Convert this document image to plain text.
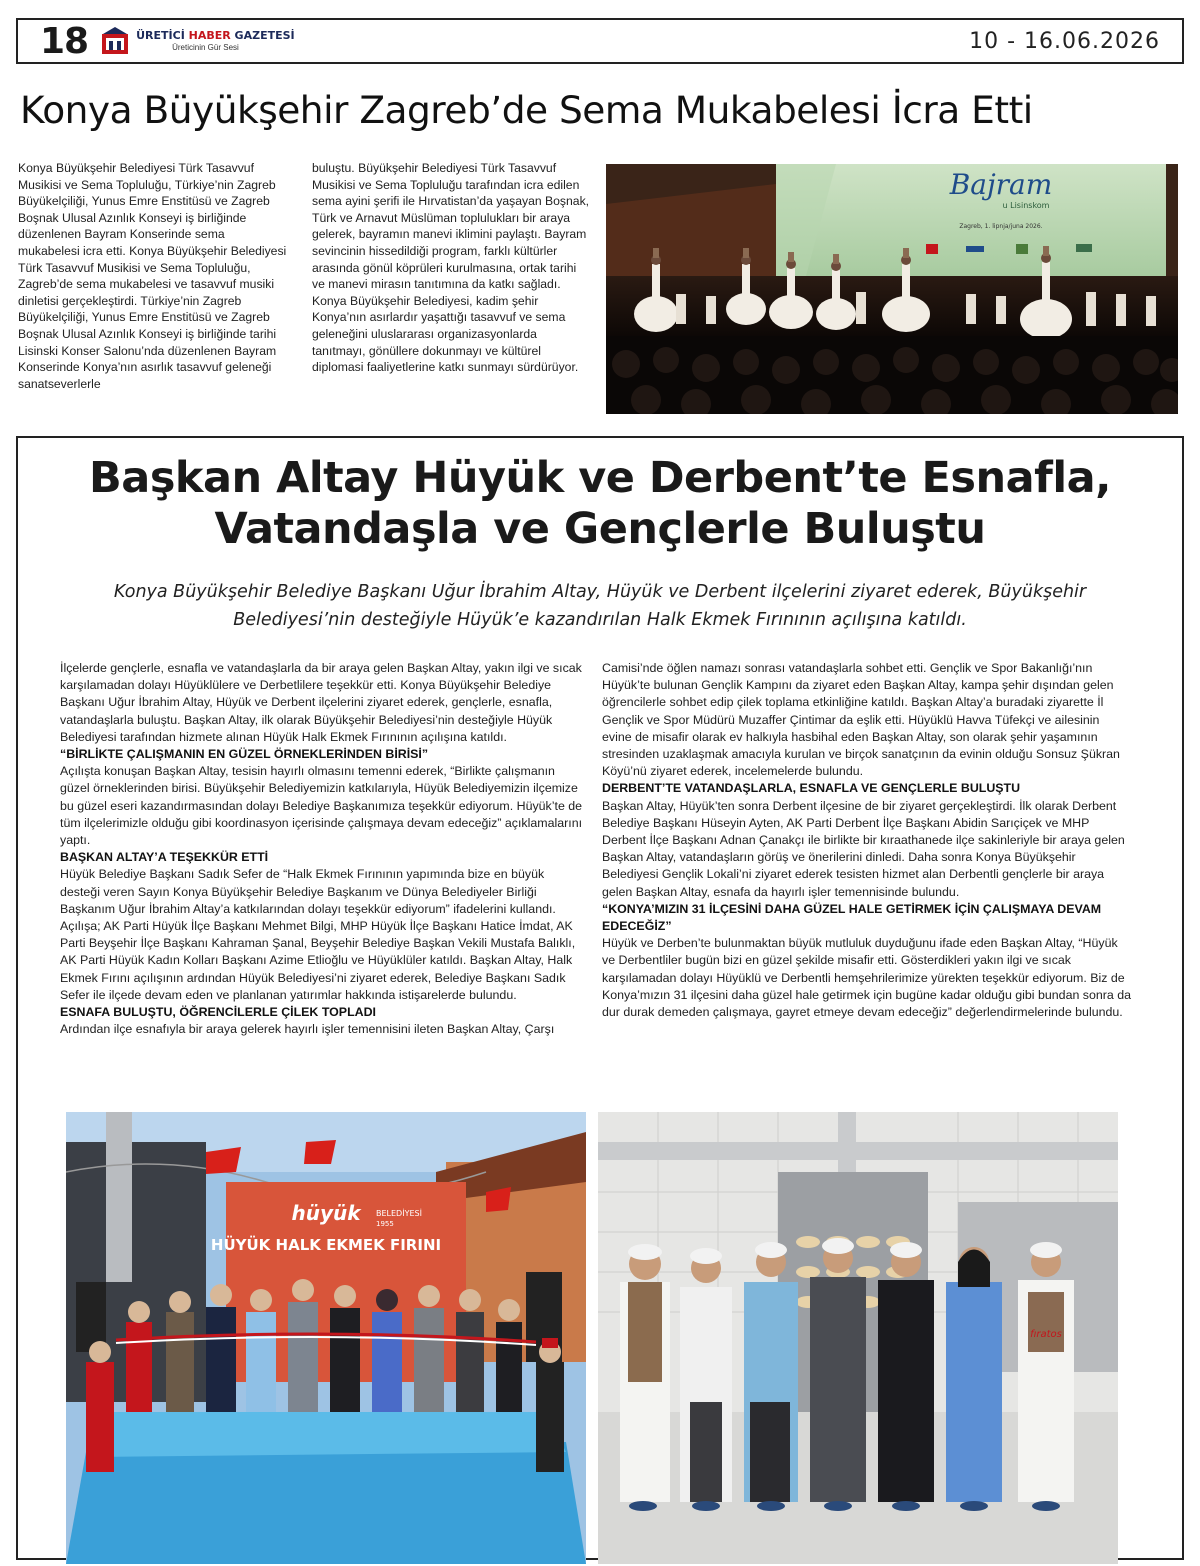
18	ÜRETİCİ HABER GAZETESİ
Üreticinin Gür Sesi	10 - 16.06.2026
Konya Büyükşehir Zagreb’de Sema Mukabelesi İcra Etti

Konya Büyükşehir Belediyesi Türk Tasavvuf Musikisi ve Sema Topluluğu, Türkiye’nin Zagreb Büyükelçiliği, Yunus Emre Enstitüsü ve Zagreb Boşnak Ulusal Azınlık Konseyi iş birliğinde düzenlenen Bayram Konserinde sema mukabelesi icra etti. Konya Büyükşehir Belediyesi Türk Tasavvuf Musikisi ve Sema Topluluğu, Zagreb’de sema mukabelesi ve tasavvuf musiki dinletisi gerçekleştirdi. Türkiye’nin Zagreb Büyükelçiliği, Yunus Emre Enstitüsü ve Zagreb Boşnak Ulusal Azınlık Konseyi iş birliğinde tarihi Lisinski Konser Salonu’nda düzenlenen Bayram Konserinde Konya’nın asırlık tasavvuf geleneği sanatseverlerle

buluştu. Büyükşehir Belediyesi Türk Tasavvuf Musikisi ve Sema Topluluğu tarafından icra edilen sema ayini şerifi ile Hırvatistan’da yaşayan Boşnak, Türk ve Arnavut Müslüman toplulukları bir araya gelerek, bayramın manevi iklimini paylaştı. Bayram sevincinin hissedildiği program, farklı kültürler arasında gönül köprüleri kurulmasına, ortak tarihi ve manevi mirasın tanıtımına da katkı sağladı. Konya Büyükşehir Belediyesi, kadim şehir Konya’nın asırlardır yaşattığı tasavvuf ve sema geleneğini uluslararası organizasyonlarda tanıtmayı, gönüllere dokunmayı ve kültürel diplomasi faaliyetlerine katkı sunmayı sürdürüyor.

Bajram
u Lisinskom
Zagreb, 1. lipnja/juna 2026.
Başkan Altay Hüyük ve Derbent’te Esnafla,
Vatandaşla ve Gençlerle Buluştu

Konya Büyükşehir Belediye Başkanı Uğur İbrahim Altay, Hüyük ve Derbent ilçelerini ziyaret ederek, Büyükşehir Belediyesi’nin desteğiyle Hüyük’e kazandırılan Halk Ekmek Fırınının açılışına katıldı.

İlçelerde gençlerle, esnafla ve vatandaşlarla da bir araya gelen Başkan Altay, yakın ilgi ve sıcak karşılamadan dolayı Hüyüklülere ve Derbetlilere teşekkür etti. Konya Büyükşehir Belediye Başkanı Uğur İbrahim Altay, Hüyük ve Derbent ilçelerini ziyaret ederek, gençlerle, esnafla, vatandaşlarla buluştu. Başkan Altay, ilk olarak Büyükşehir Belediyesi’nin desteğiyle Hüyük Belediyesi tarafından hizmete alınan Hüyük Halk Ekmek Fırınının açılışına katıldı.

“BİRLİKTE ÇALIŞMANIN EN GÜZEL ÖRNEKLERİNDEN BİRİSİ”

Açılışta konuşan Başkan Altay, tesisin hayırlı olmasını temenni ederek, “Birlikte çalışmanın güzel örneklerinden birisi. Büyükşehir Belediyemizin katkılarıyla, Hüyük Belediyemizin ilçemize bu güzel eseri kazandırmasından dolayı Belediye Başkanımıza teşekkür ediyorum. Hüyük’te de tüm ilçelerimizle olduğu gibi koordinasyon içerisinde çalışmaya devam edeceğiz” açıklamalarını yaptı.

BAŞKAN ALTAY’A TEŞEKKÜR ETTİ

Hüyük Belediye Başkanı Sadık Sefer de “Halk Ekmek Fırınının yapımında bize en büyük desteği veren Sayın Konya Büyükşehir Belediye Başkanım ve Dünya Belediyeler Birliği Başkanım Uğur İbrahim Altay’a katkılarından dolayı teşekkür ediyorum” ifadelerini kullandı. Açılışa; AK Parti Hüyük İlçe Başkanı Mehmet Bilgi, MHP Hüyük İlçe Başkanı Hatice İmdat, AK Parti Beyşehir İlçe Başkanı Kahraman Şanal, Beyşehir Belediye Başkan Vekili Mustafa Balıklı, AK Parti Hüyük Kadın Kolları Başkanı Azime Etlioğlu ve Hüyüklüler katıldı. Başkan Altay, Halk Ekmek Fırını açılışının ardından Hüyük Belediyesi’ni ziyaret ederek, Belediye Başkanı Sadık Sefer ile ilçede devam eden ve planlanan yatırımlar hakkında istişarelerde bulundu.

ESNAFA BULUŞTU, ÖĞRENCİLERLE ÇİLEK TOPLADI

Ardından ilçe esnafıyla bir araya gelerek hayırlı işler temennisini ileten Başkan Altay, Çarşı

Camisi’nde öğlen namazı sonrası vatandaşlarla sohbet etti. Gençlik ve Spor Bakanlığı’nın Hüyük’te bulunan Gençlik Kampını da ziyaret eden Başkan Altay, kampa şehir dışından gelen öğrencilerle sohbet edip çilek toplama etkinliğine katıldı. Başkan Altay’a buradaki ziyarette İl Gençlik ve Spor Müdürü Muzaffer Çintimar da eşlik etti. Hüyüklü Havva Tüfekçi ve ailesinin evine de misafir olarak ev halkıyla hasbihal eden Başkan Altay, son olarak şehir yaşamının stresinden uzaklaşmak amacıyla kurulan ve birçok sanatçının da evinin olduğu Sonsuz Şükran Köyü’nü ziyaret ederek, incelemelerde bulundu.

DERBENT’TE VATANDAŞLARLA, ESNAFLA VE GENÇLERLE BULUŞTU

Başkan Altay, Hüyük’ten sonra Derbent ilçesine de bir ziyaret gerçekleştirdi. İlk olarak Derbent Belediye Başkanı Hüseyin Ayten, AK Parti Derbent İlçe Başkanı Abidin Sarıçiçek ve MHP Derbent İlçe Başkanı Adnan Çanakçı ile birlikte bir kıraathanede ilçe sakinleriyle bir araya gelen Başkan Altay, vatandaşların görüş ve önerilerini dinledi. Daha sonra Konya Büyükşehir Belediyesi Gençlik Lokali’ni ziyaret ederek tesisten hizmet alan Derbentli gençlerle bir araya gelen Başkan Altay, esnafa da hayırlı işler temennisinde bulundu.

“KONYA’MIZIN 31 İLÇESİNİ DAHA GÜZEL HALE GETİRMEK İÇİN ÇALIŞMAYA DEVAM EDECEĞİZ”

Hüyük ve Derben’te bulunmaktan büyük mutluluk duyduğunu ifade eden Başkan Altay, “Hüyük ve Derbentliler bugün bizi en güzel şekilde misafir etti. Gösterdikleri yakın ilgi ve sıcak karşılamadan dolayı Hüyüklü ve Derbentli hemşehrilerimize yürekten teşekkür ediyorum. Biz de Konya’mızın 31 ilçesini daha güzel hale getirmek için bugüne kadar olduğu gibi bundan sonra da dur durak demeden çalışmaya, gayret etmeye devam edeceğiz” değerlendirmelerinde bulundu.

hüyük BELEDİYESİ
1955
HÜYÜK HALK EKMEK FIRINI
fıratos
